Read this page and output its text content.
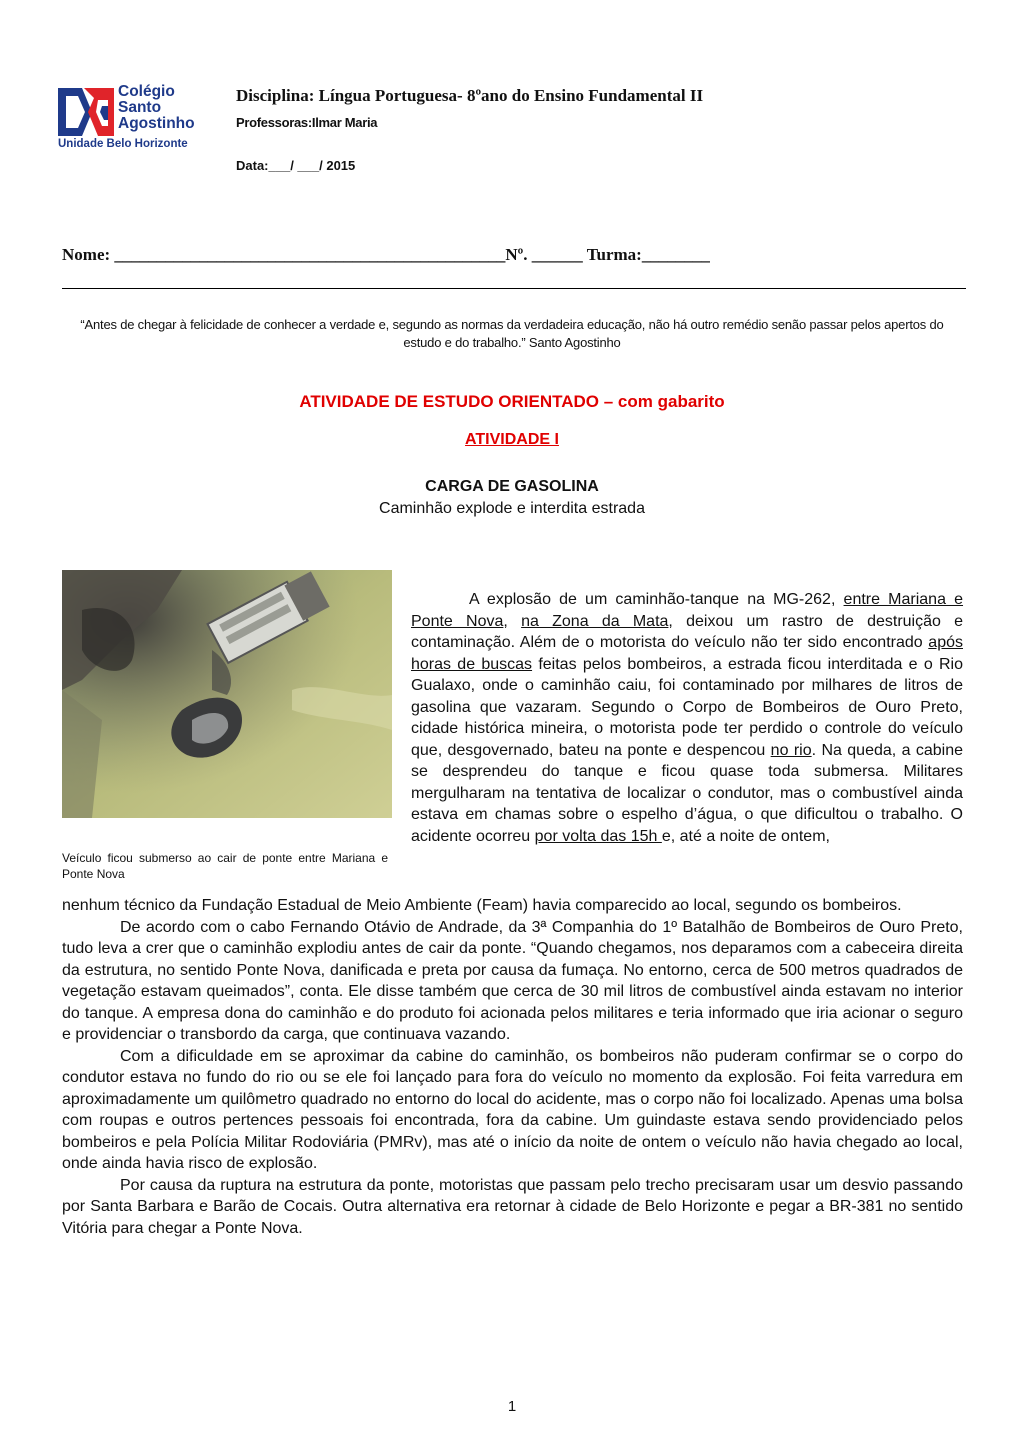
Colégio
Santo
Agostinho
Unidade Belo Horizonte
Disciplina: Língua Portuguesa- 8ºano do Ensino Fundamental II
Professoras:Ilmar Maria
Data:___/ ___/ 2015
Nome: ______________________________________________Nº. ______ Turma:________
“Antes de chegar à felicidade de conhecer a verdade e, segundo as normas da verdadeira educação, não há outro remédio senão passar pelos apertos do estudo e do trabalho.” Santo Agostinho
ATIVIDADE DE ESTUDO ORIENTADO – com gabarito
ATIVIDADE I
CARGA DE GASOLINA
Caminhão explode e interdita estrada
Veículo ficou submerso ao cair de ponte entre Mariana e Ponte Nova

A explosão de um caminhão-tanque na MG-262, entre Mariana e Ponte Nova, na Zona da Mata, deixou um rastro de destruição e contaminação. Além de o motorista do veículo não ter sido encontrado após horas de buscas feitas pelos bombeiros, a estrada ficou interditada e o Rio Gualaxo, onde o caminhão caiu, foi contaminado por milhares de litros de gasolina que vazaram. Segundo o Corpo de Bombeiros de Ouro Preto, cidade histórica mineira, o motorista pode ter perdido o controle do veículo que, desgovernado, bateu na ponte e despencou no rio. Na queda, a cabine se desprendeu do tanque e ficou quase toda submersa. Militares mergulharam na tentativa de localizar o condutor, mas o combustível ainda estava em chamas sobre o espelho d’água, o que dificultou o trabalho. O acidente ocorreu por volta das 15h e, até a noite de ontem,

nenhum técnico da Fundação Estadual de Meio Ambiente (Feam) havia comparecido ao local, segundo os bombeiros.

De acordo com o cabo Fernando Otávio de Andrade, da 3ª Companhia do 1º Batalhão de Bombeiros de Ouro Preto, tudo leva a crer que o caminhão explodiu antes de cair da ponte. “Quando chegamos, nos deparamos com a cabeceira direita da estrutura, no sentido Ponte Nova, danificada e preta por causa da fumaça. No entorno, cerca de 500 metros quadrados de vegetação estavam queimados”, conta. Ele disse também que cerca de 30 mil litros de combustível ainda estavam no interior do tanque. A empresa dona do caminhão e do produto foi acionada pelos militares e teria informado que iria acionar o seguro e providenciar o transbordo da carga, que continuava vazando.

Com a dificuldade em se aproximar da cabine do caminhão, os bombeiros não puderam confirmar se o corpo do condutor estava no fundo do rio ou se ele foi lançado para fora do veículo no momento da explosão. Foi feita varredura em aproximadamente um quilômetro quadrado no entorno do local do acidente, mas o corpo não foi localizado. Apenas uma bolsa com roupas e outros pertences pessoais foi encontrada, fora da cabine. Um guindaste estava sendo providenciado pelos bombeiros e pela Polícia Militar Rodoviária (PMRv), mas até o início da noite de ontem o veículo não havia chegado ao local, onde ainda havia risco de explosão.

Por causa da ruptura na estrutura da ponte, motoristas que passam pelo trecho precisaram usar um desvio passando por Santa Barbara e Barão de Cocais. Outra alternativa era retornar à cidade de Belo Horizonte e pegar a BR-381 no sentido Vitória para chegar a Ponte Nova.

1
